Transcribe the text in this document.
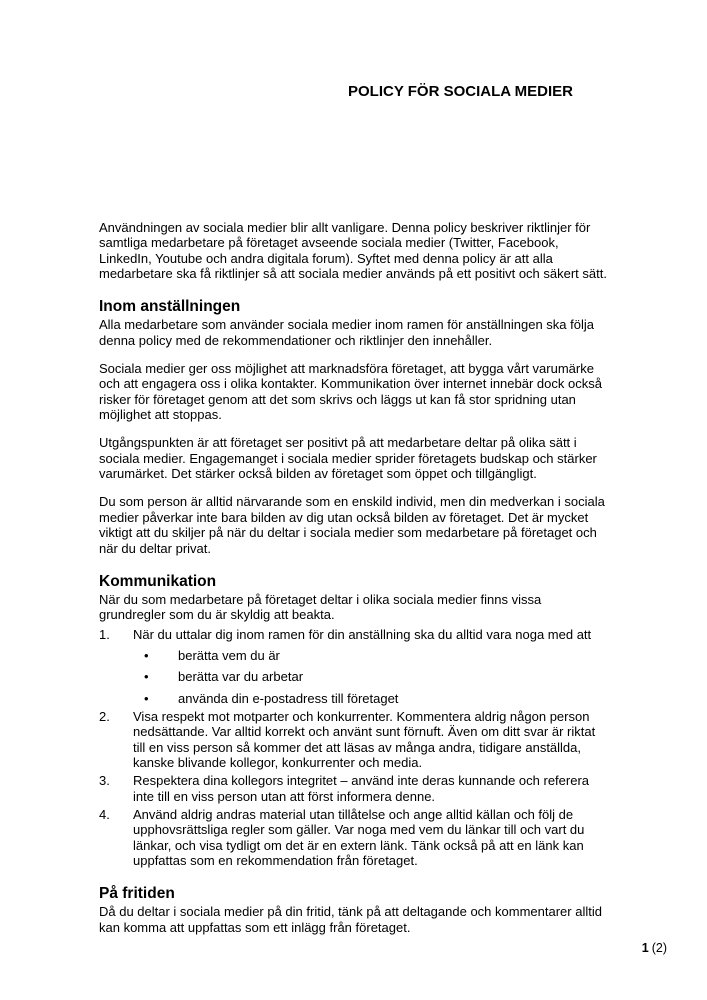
POLICY FÖR SOCIALA MEDIER

Användningen av sociala medier blir allt vanligare. Denna policy beskriver riktlinjer för samtliga medarbetare på företaget avseende sociala medier (Twitter, Facebook, LinkedIn, Youtube och andra digitala forum). Syftet med denna policy är att alla medarbetare ska få riktlinjer så att sociala medier används på ett positivt och säkert sätt.

Inom anställningen

Alla medarbetare som använder sociala medier inom ramen för anställningen ska följa denna policy med de rekommendationer och riktlinjer den innehåller.

Sociala medier ger oss möjlighet att marknadsföra företaget, att bygga vårt varumärke och att engagera oss i olika kontakter. Kommunikation över internet innebär dock också risker för företaget genom att det som skrivs och läggs ut kan få stor spridning utan möjlighet att stoppas.

Utgångspunkten är att företaget ser positivt på att medarbetare deltar på olika sätt i sociala medier. Engagemanget i sociala medier sprider företagets budskap och stärker varumärket. Det stärker också bilden av företaget som öppet och tillgängligt.

Du som person är alltid närvarande som en enskild individ, men din medverkan i sociala medier påverkar inte bara bilden av dig utan också bilden av företaget. Det är mycket viktigt att du skiljer på när du deltar i sociala medier som medarbetare på företaget och när du deltar privat.

Kommunikation

När du som medarbetare på företaget deltar i olika sociala medier finns vissa grundregler som du är skyldig att beakta.

1.	När du uttalar dig inom ramen för din anställning ska du alltid vara noga med att
•	berätta vem du är
•	berätta var du arbetar
•	använda din e-postadress till företaget
2.	Visa respekt mot motparter och konkurrenter. Kommentera aldrig någon person nedsättande. Var alltid korrekt och använt sunt förnuft. Även om ditt svar är riktat till en viss person så kommer det att läsas av många andra, tidigare anställda, kanske blivande kollegor, konkurrenter och media.
3.	Respektera dina kollegors integritet – använd inte deras kunnande och referera inte till en viss person utan att först informera denne.
4.	Använd aldrig andras material utan tillåtelse och ange alltid källan och följ de upphovsrättsliga regler som gäller. Var noga med vem du länkar till och vart du länkar, och visa tydligt om det är en extern länk. Tänk också på att en länk kan uppfattas som en rekommendation från företaget.
På fritiden

Då du deltar i sociala medier på din fritid, tänk på att deltagande och kommentarer alltid kan komma att uppfattas som ett inlägg från företaget.

1 (2)
